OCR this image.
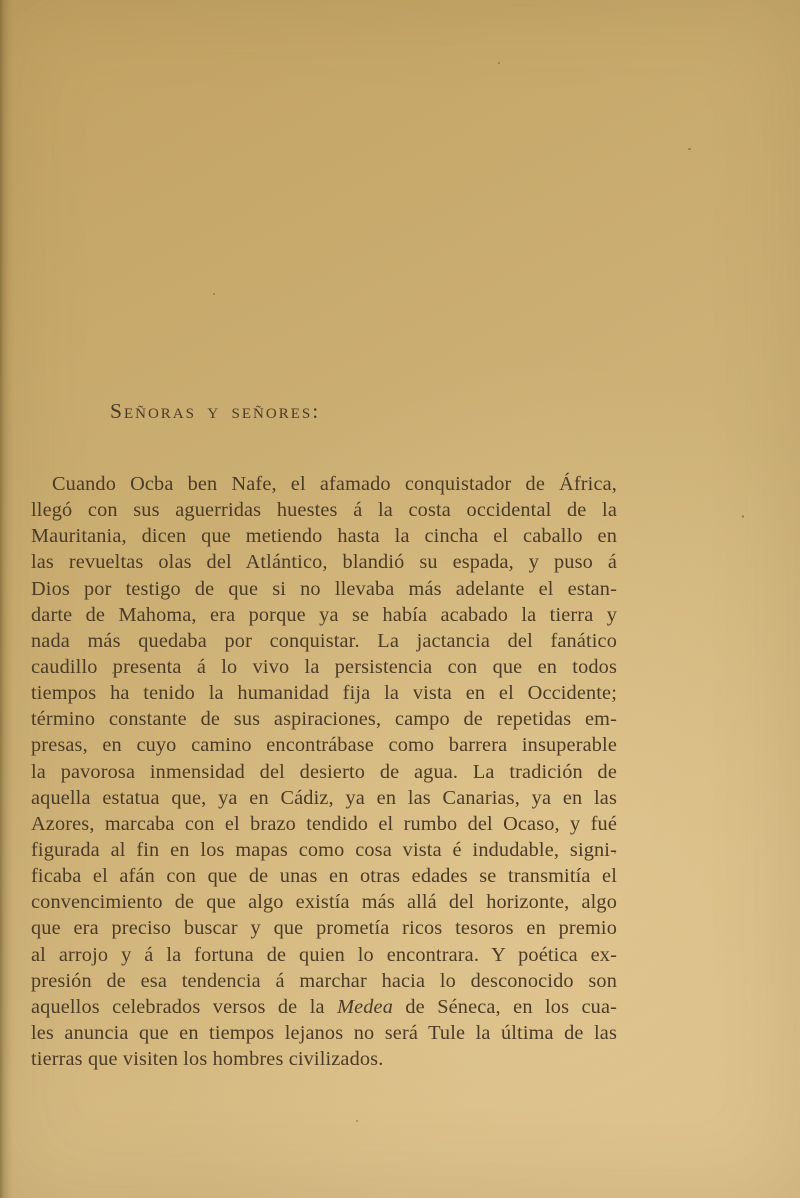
Señoras y señores:
Cuando Ocba ben Nafe, el afamado conquistador de África,
llegó con sus aguerridas huestes á la costa occidental de la
Mauritania, dicen que metiendo hasta la cincha el caballo en
las revueltas olas del Atlántico, blandió su espada, y puso á
Dios por testigo de que si no llevaba más adelante el estan-
darte de Mahoma, era porque ya se había acabado la tierra y
nada más quedaba por conquistar. La jactancia del fanático
caudillo presenta á lo vivo la persistencia con que en todos
tiempos ha tenido la humanidad fija la vista en el Occidente;
término constante de sus aspiraciones, campo de repetidas em-
presas, en cuyo camino encontrábase como barrera insuperable
la pavorosa inmensidad del desierto de agua. La tradición de
aquella estatua que, ya en Cádiz, ya en las Canarias, ya en las
Azores, marcaba con el brazo tendido el rumbo del Ocaso, y fué
figurada al fin en los mapas como cosa vista é indudable, signi-
ficaba el afán con que de unas en otras edades se transmitía el
convencimiento de que algo existía más allá del horizonte, algo
que era preciso buscar y que prometía ricos tesoros en premio
al arrojo y á la fortuna de quien lo encontrara. Y poética ex-
presión de esa tendencia á marchar hacia lo desconocido son
aquellos celebrados versos de la Medea de Séneca, en los cua-
les anuncia que en tiempos lejanos no será Tule la última de las
tierras que visiten los hombres civilizados.
